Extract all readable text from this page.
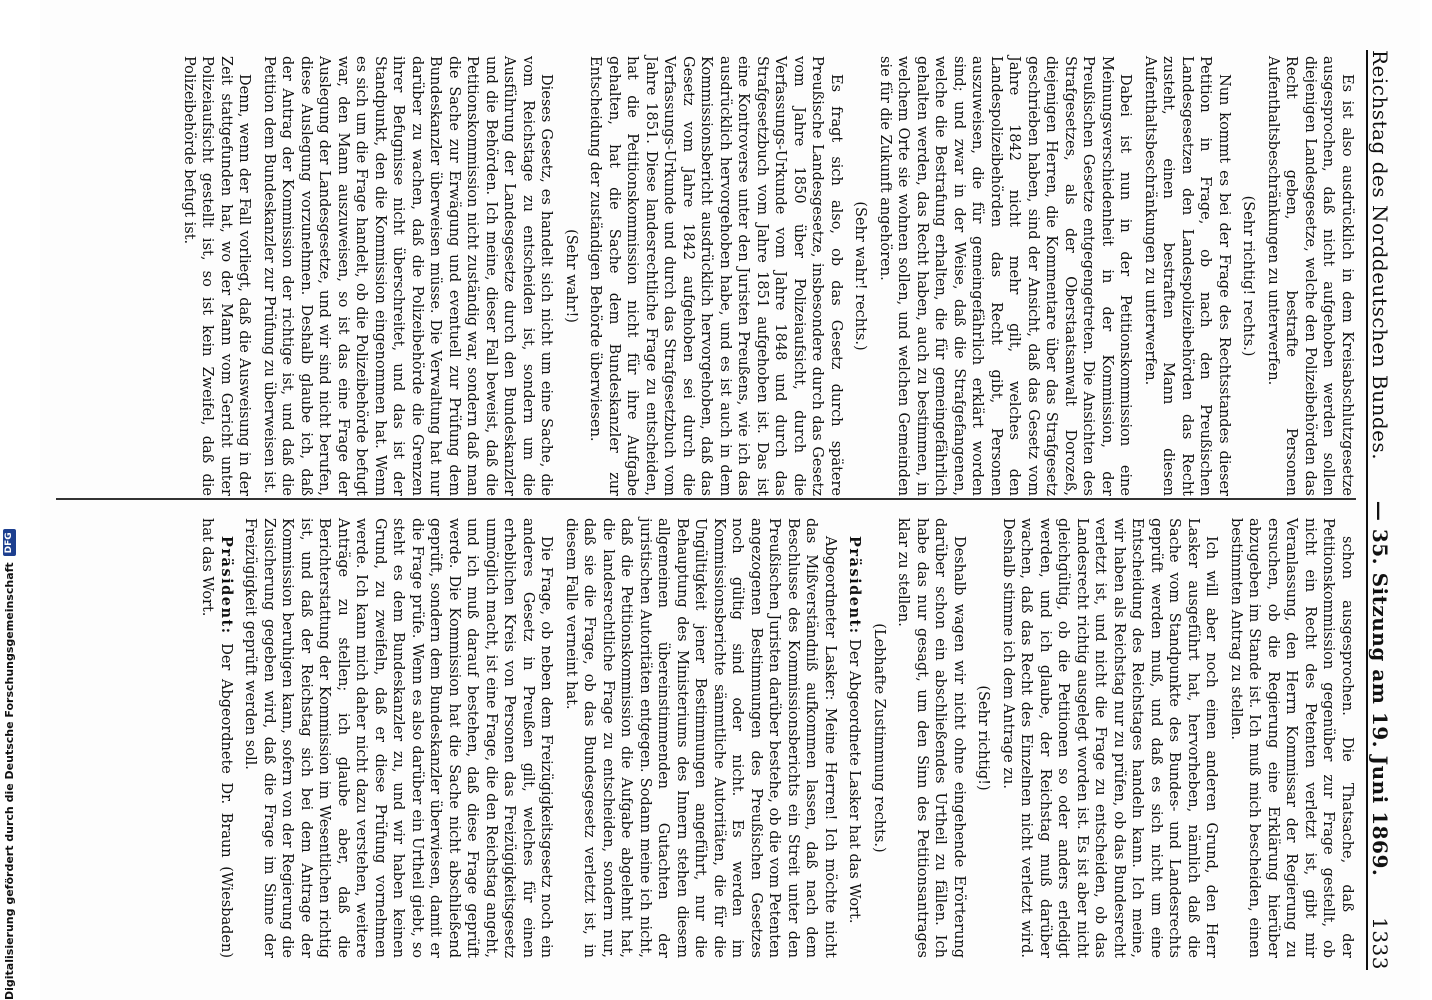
Reichstag des Norddeutschen Bundes.
— 35. Sitzung am 19. Juni 1869.
1333

Es ist also ausdrücklich in dem Kreisabschlutzgesetze ausgesprochen, daß nicht aufgehoben werden sollen diejenigen Landesgesetze, welche den Polizeibehörden das Recht geben, bestrafte Personen Aufenthaltsbeschränkungen zu unterwerfen.

(Sehr richtig! rechts.)

Nun kommt es bei der Frage des Rechtsstandes dieser Petition in Frage, ob nach den Preußischen Landesgesetzen den Landespolizeibehörden das Recht zusteht, einen bestraften Mann diesen Aufenthaltsbeschränkungen zu unterwerfen.

Dabei ist nun in der Petitionskommission eine Meinungsverschiedenheit in der Kommission, der Preußischen Gesetze entgegengetreten. Die Ansichten des Strafgesetzes, als der Oberstaatsanwalt Dorozeß, diejenigen Herren, die Kommentare über das Strafgesetz geschrieben haben, sind der Ansicht, daß das Gesetz vom Jahre 1842 nicht mehr gilt, welches den Landespolizeibehörden das Recht gibt, Personen auszuweisen, die für gemeingefährlich erklärt worden sind; und zwar in der Weise, daß die Strafgefangenen, welche die Bestrafung erhalten, die für gemeingefährlich gehalten werden, das Recht haben, auch zu bestimmen, in welchem Orte sie wohnen sollen, und welchen Gemeinden sie für die Zukunft angehören.

(Sehr wahr! rechts.)

Es fragt sich also, ob das Gesetz durch spätere Preußische Landesgesetze, insbesondere durch das Gesetz vom Jahre 1850 über Polizeiaufsicht, durch die Verfassungs-Urkunde vom Jahre 1848 und durch das Strafgesetzbuch vom Jahre 1851 aufgehoben ist. Das ist eine Kontroverse unter den Juristen Preußens, wie ich das ausdrücklich hervorgehoben habe, und es ist auch in dem Kommissionsbericht ausdrücklich hervorgehoben, daß das Gesetz vom Jahre 1842 aufgehoben sei durch die Verfassungs-Urkunde und durch das Strafgesetzbuch vom Jahre 1851. Diese landesrechtliche Frage zu entscheiden, hat die Petitionskommission nicht für ihre Aufgabe gehalten, hat die Sache dem Bundeskanzler zur Entscheidung der zuständigen Behörde überwiesen.

(Sehr wahr!)

Dieses Gesetz, es handelt sich nicht um eine Sache, die vom Reichstage zu entscheiden ist, sondern um die Ausführung der Landesgesetze durch den Bundeskanzler und die Behörden. Ich meine, dieser Fall beweist, daß die Petitionskommission nicht zuständig war, sondern daß man die Sache zur Erwägung und eventuell zur Prüfung dem Bundeskanzler überweisen müsse. Die Verwaltung hat nur darüber zu wachen, daß die Polizeibehörde die Grenzen ihrer Befugnisse nicht überschreitet, und das ist der Standpunkt, den die Kommission eingenommen hat. Wenn es sich um die Frage handelt, ob die Polizeibehörde befugt war, den Mann auszuweisen, so ist das eine Frage der Auslegung der Landesgesetze, und wir sind nicht berufen, diese Auslegung vorzunehmen. Deshalb glaube ich, daß der Antrag der Kommission der richtige ist, und daß die Petition dem Bundeskanzler zur Prüfung zu überweisen ist.

Denn, wenn der Fall vorliegt, daß die Ausweisung in der Zeit stattgefunden hat, wo der Mann vom Gericht unter Polizeiaufsicht gestellt ist, so ist kein Zweifel, daß die Polizeibehörde befugt ist.

schon ausgesprochen. Die Thatsache, daß der Petitionskommission gegenüber zur Frage gestellt, ob nicht ein Recht des Petenten verletzt ist, gibt mir Veranlassung, den Herrn Kommissar der Regierung zu ersuchen, ob die Regierung eine Erklärung hierüber abzugeben im Stande ist. Ich muß mich bescheiden, einen bestimmten Antrag zu stellen.

Ich will aber noch einen anderen Grund, den Herr Lasker ausgeführt hat, hervorheben, nämlich daß die Sache vom Standpunkte des Bundes- und Landesrechts geprüft werden muß, und daß es sich nicht um eine Entscheidung des Reichstages handeln kann. Ich meine, wir haben als Reichstag nur zu prüfen, ob das Bundesrecht verletzt ist, und nicht die Frage zu entscheiden, ob das Landesrecht richtig ausgelegt worden ist. Es ist aber nicht gleichgültig, ob die Petitionen so oder anders erledigt werden, und ich glaube, der Reichstag muß darüber wachen, daß das Recht des Einzelnen nicht verletzt wird. Deshalb stimme ich dem Antrage zu.

(Sehr richtig!)

Deshalb wagen wir nicht ohne eingehende Erörterung darüber schon ein abschließendes Urtheil zu fällen. Ich habe das nur gesagt, um den Sinn des Petitionsantrages klar zu stellen.

(Lebhafte Zustimmung rechts.)

Präsident: Der Abgeordnete Lasker hat das Wort.

Abgeordneter Lasker: Meine Herren! Ich möchte nicht das Mißverständniß aufkommen lassen, daß nach dem Beschlusse des Kommissionsberichts ein Streit unter den Preußischen Juristen darüber bestehe, ob die vom Petenten angezogenen Bestimmungen des Preußischen Gesetzes noch gültig sind oder nicht. Es werden im Kommissionsberichte sämmtliche Autoritäten, die für die Ungültigkeit jener Bestimmungen angeführt, nur die Behauptung des Ministeriums des Innern stehen diesem allgemeinen übereinstimmenden Gutachten der juristischen Autoritäten entgegen. Sodann meine ich nicht, daß die Petitionskommission die Aufgabe abgelehnt hat, die landesrechtliche Frage zu entscheiden, sondern nur, daß sie die Frage, ob das Bundesgesetz verletzt ist, in diesem Falle verneint hat.

Die Frage, ob neben dem Freizügigkeitsgesetz noch ein anderes Gesetz in Preußen gilt, welches für einen erheblichen Kreis von Personen das Freizügigkeitsgesetz unmöglich macht, ist eine Frage, die den Reichstag angeht, und ich muß darauf bestehen, daß diese Frage geprüft werde. Die Kommission hat die Sache nicht abschließend geprüft, sondern dem Bundeskanzler überwiesen, damit er die Frage prüfe. Wenn es also darüber ein Urtheil giebt, so steht es dem Bundeskanzler zu, und wir haben keinen Grund, zu zweifeln, daß er diese Prüfung vornehmen werde. Ich kann mich daher nicht dazu verstehen, weitere Anträge zu stellen; ich glaube aber, daß die Berichterstattung der Kommission im Wesentlichen richtig ist, und daß der Reichstag sich bei dem Antrage der Kommission beruhigen kann, sofern von der Regierung die Zusicherung gegeben wird, daß die Frage im Sinne der Freizügigkeit geprüft werden soll.

Präsident: Der Abgeordnete Dr. Braun (Wiesbaden) hat das Wort.

Digitalisierung gefördert durch die Deutsche Forschungsgemeinschaft
DFG
